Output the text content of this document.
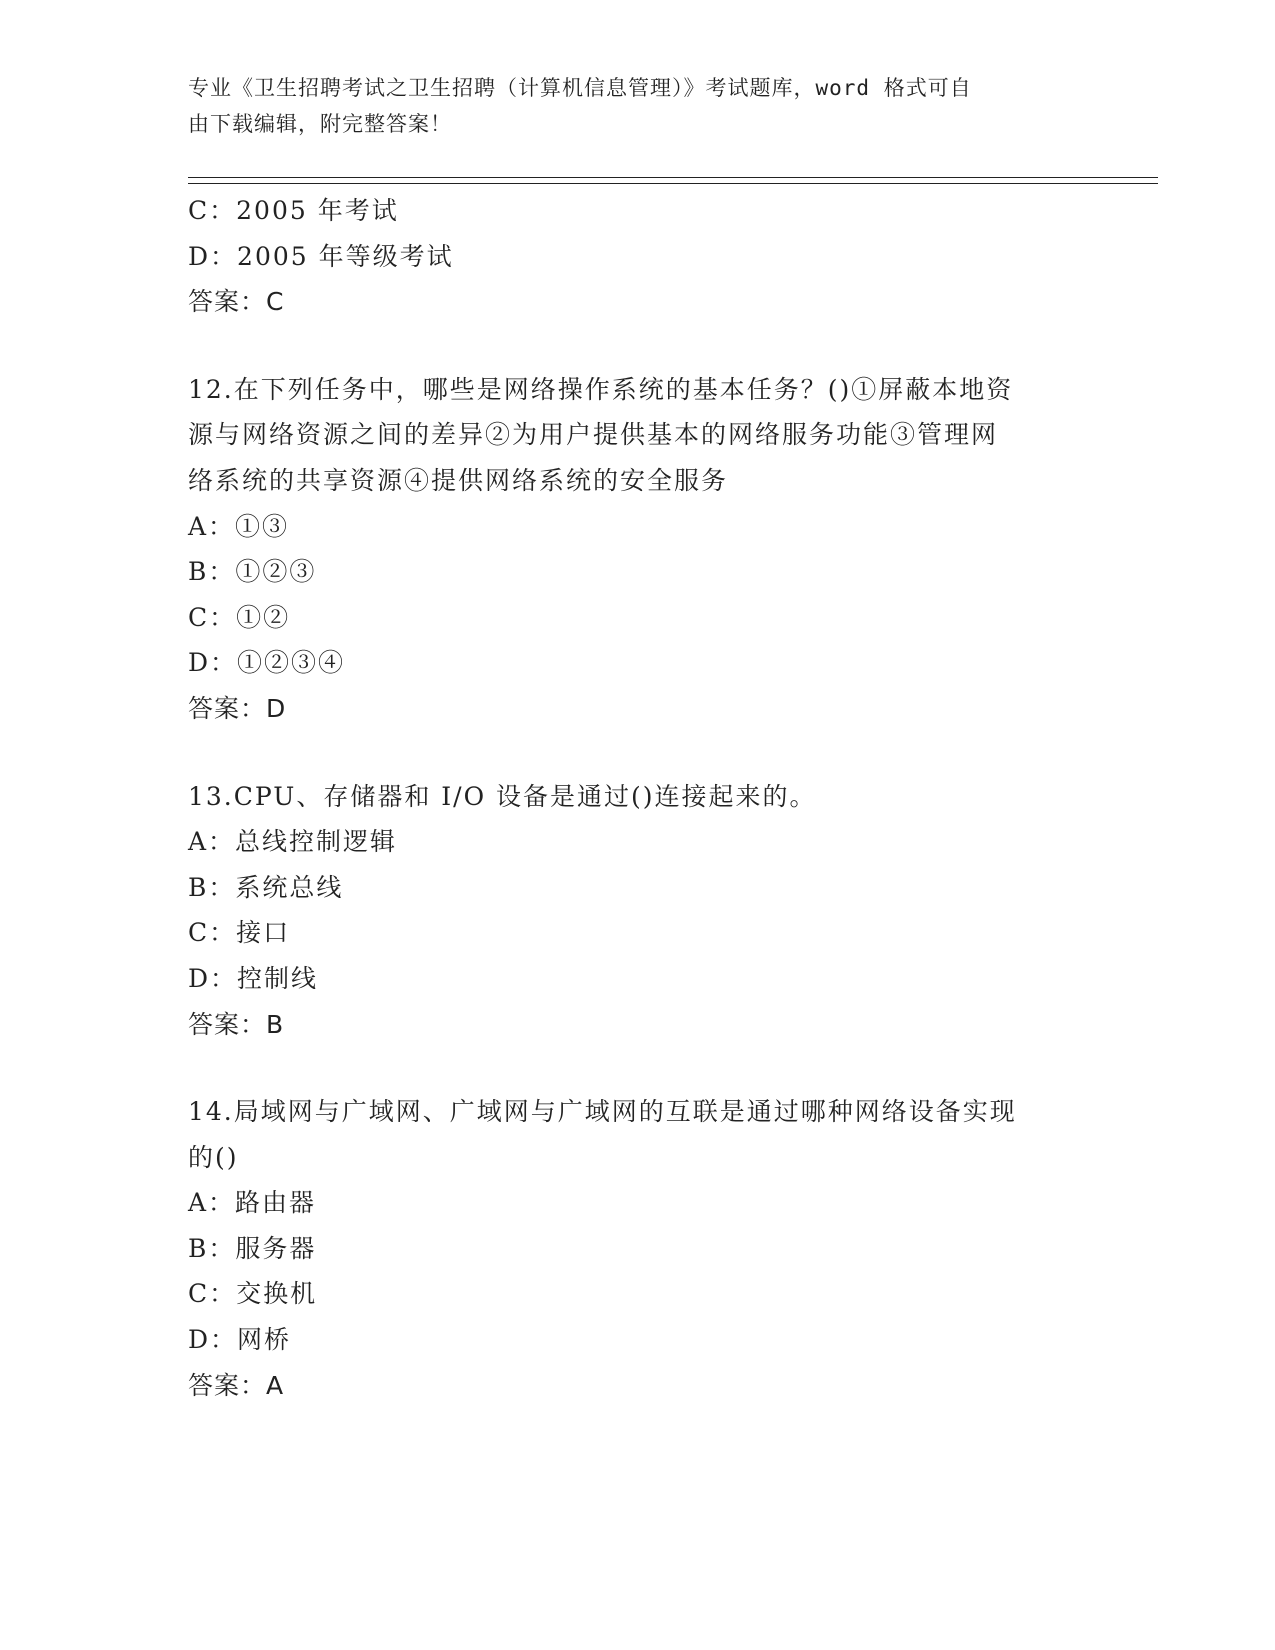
专业《卫生招聘考试之卫生招聘（计算机信息管理）》考试题库，word 格式可自
由下载编辑，附完整答案！
C：2005 年考试
D：2005 年等级考试
答案：C
12.在下列任务中，哪些是网络操作系统的基本任务？()①屏蔽本地资
源与网络资源之间的差异②为用户提供基本的网络服务功能③管理网
络系统的共享资源④提供网络系统的安全服务
A：①③
B：①②③
C：①②
D：①②③④
答案：D
13.CPU、存储器和 I/O 设备是通过()连接起来的。
A：总线控制逻辑
B：系统总线
C：接口
D：控制线
答案：B
14.局域网与广域网、广域网与广域网的互联是通过哪种网络设备实现
的()
A：路由器
B：服务器
C：交换机
D：网桥
答案：A
